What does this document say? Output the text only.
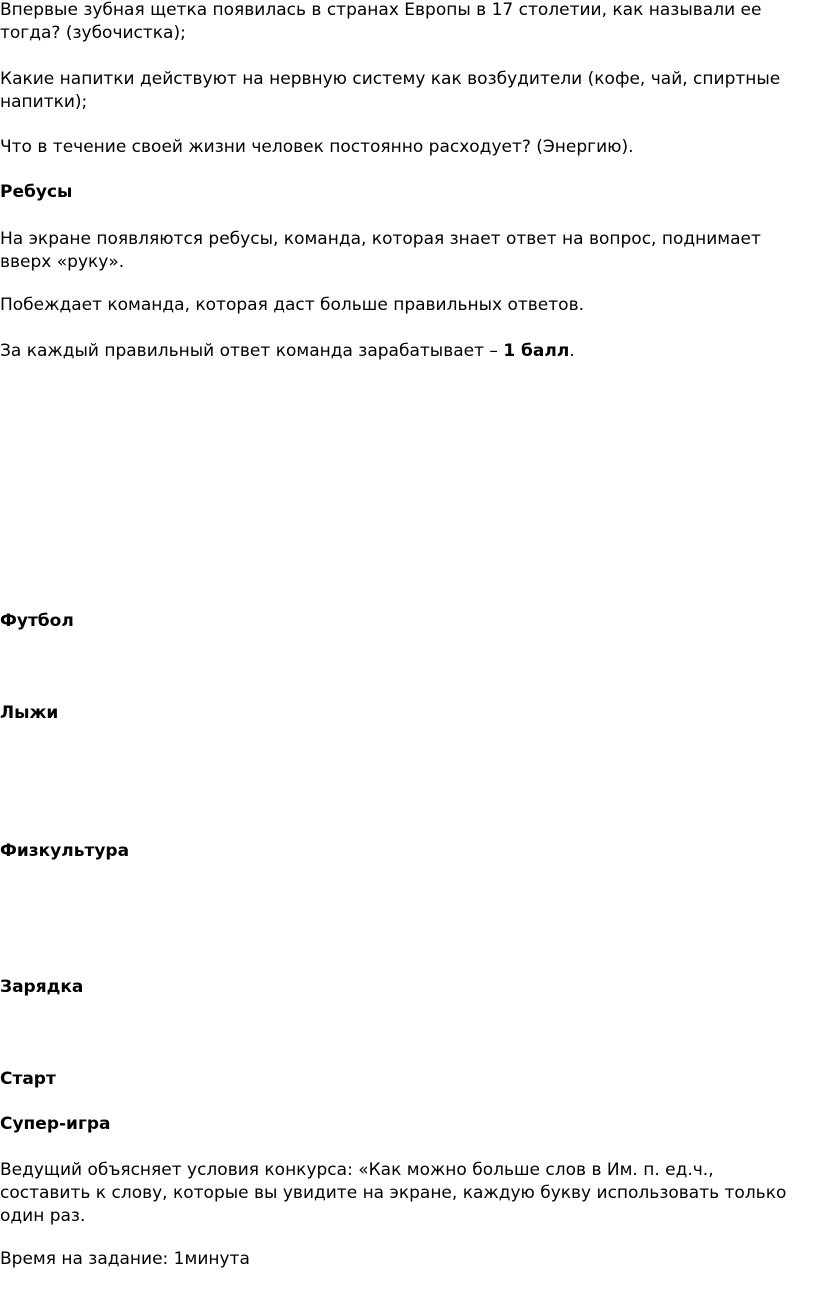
Впервые зубная щетка появилась в странах Европы в 17 столетии, как называли ее тогда? (зубочистка);

Какие напитки действуют на нервную систему как возбудители (кофе, чай, спиртные напитки);

Что в течение своей жизни человек постоянно расходует? (Энергию).

Ребусы

На экране появляются ребусы, команда, которая знает ответ на вопрос, поднимает вверх «руку».

Побеждает команда, которая даст больше правильных ответов.

За каждый правильный ответ команда зарабатывает – 1 балл.

Футбол

Лыжи

Физкультура

Зарядка

Старт

Супер-игра

Ведущий объясняет условия конкурса: «Как можно больше слов в Им. п. ед.ч., составить к слову, которые вы увидите на экране, каждую букву использовать только один раз.

Время на задание: 1минута
